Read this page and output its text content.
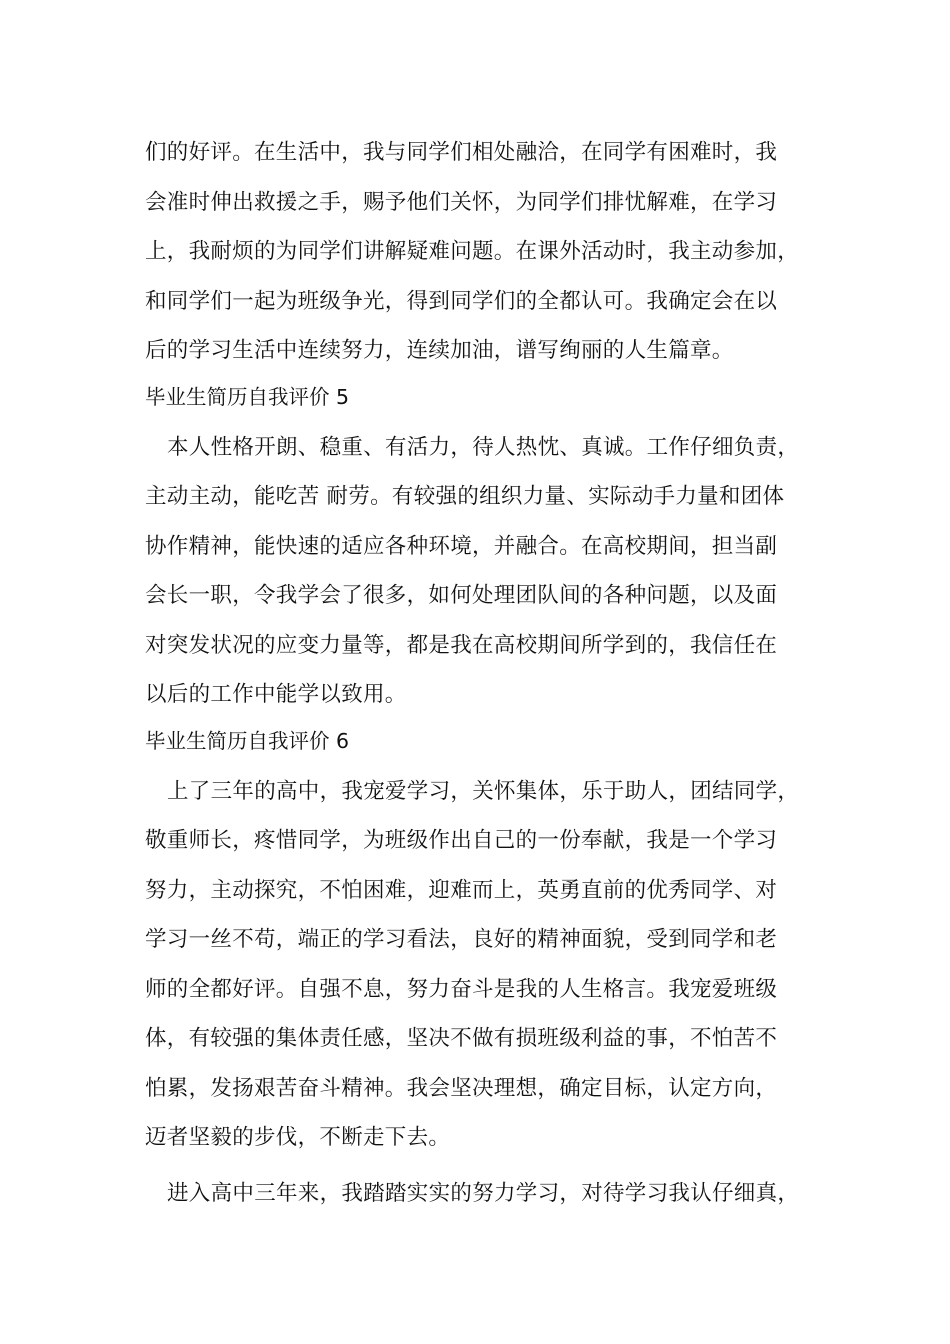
们的好评。在生活中，我与同学们相处融洽，在同学有困难时，我
会准时伸出救援之手，赐予他们关怀，为同学们排忧解难，在学习
上，我耐烦的为同学们讲解疑难问题。在课外活动时，我主动参加，
和同学们一起为班级争光，得到同学们的全都认可。我确定会在以
后的学习生活中连续努力，连续加油，谱写绚丽的人生篇章。
毕业生简历自我评价 5
本人性格开朗、稳重、有活力，待人热忱、真诚。工作仔细负责，
主动主动，能吃苦 耐劳。有较强的组织力量、实际动手力量和团体
协作精神，能快速的适应各种环境，并融合。在高校期间，担当副
会长一职，令我学会了很多，如何处理团队间的各种问题，以及面
对突发状况的应变力量等，都是我在高校期间所学到的，我信任在
以后的工作中能学以致用。
毕业生简历自我评价 6
上了三年的高中，我宠爱学习，关怀集体，乐于助人，团结同学，
敬重师长，疼惜同学，为班级作出自己的一份奉献，我是一个学习
努力，主动探究，不怕困难，迎难而上，英勇直前的优秀同学、对
学习一丝不苟，端正的学习看法，良好的精神面貌，受到同学和老
师的全都好评。自强不息，努力奋斗是我的人生格言。我宠爱班级
体，有较强的集体责任感，坚决不做有损班级利益的事，不怕苦不
怕累，发扬艰苦奋斗精神。我会坚决理想，确定目标，认定方向，
迈者坚毅的步伐，不断走下去。
进入高中三年来，我踏踏实实的努力学习，对待学习我认仔细真，
